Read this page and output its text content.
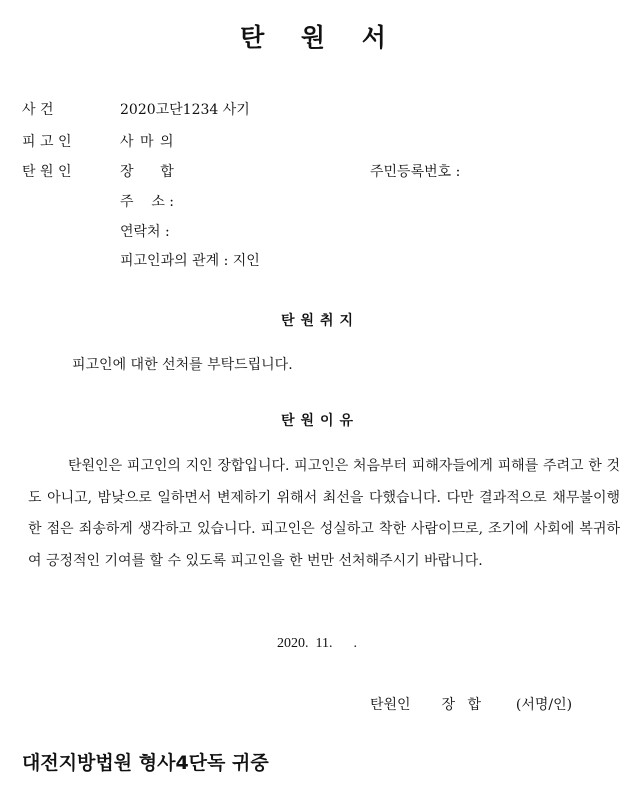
탄 원 서
사 건	2020고단1234 사기
피 고 인	사 마 의
탄 원 인	장      합	주민등록번호 :
주    소 :
연락처 :
피고인과의 관계 : 지인
탄원취지
피고인에 대한 선처를 부탁드립니다.
탄원이유
탄원인은 피고인의 지인 장합입니다. 피고인은 처음부터 피해자들에게 피해를 주려고 한 것도 아니고, 밤낮으로 일하면서 변제하기 위해서 최선을 다했습니다. 다만 결과적으로 채무불이행한 점은 죄송하게 생각하고 있습니다. 피고인은 성실하고 착한 사람이므로, 조기에 사회에 복귀하여 긍정적인 기여를 할 수 있도록 피고인을 한 번만 선처해주시기 바랍니다.
2020.  11.      .
탄원인 장 합 (서명/인)
대전지방법원 형사4단독 귀중
